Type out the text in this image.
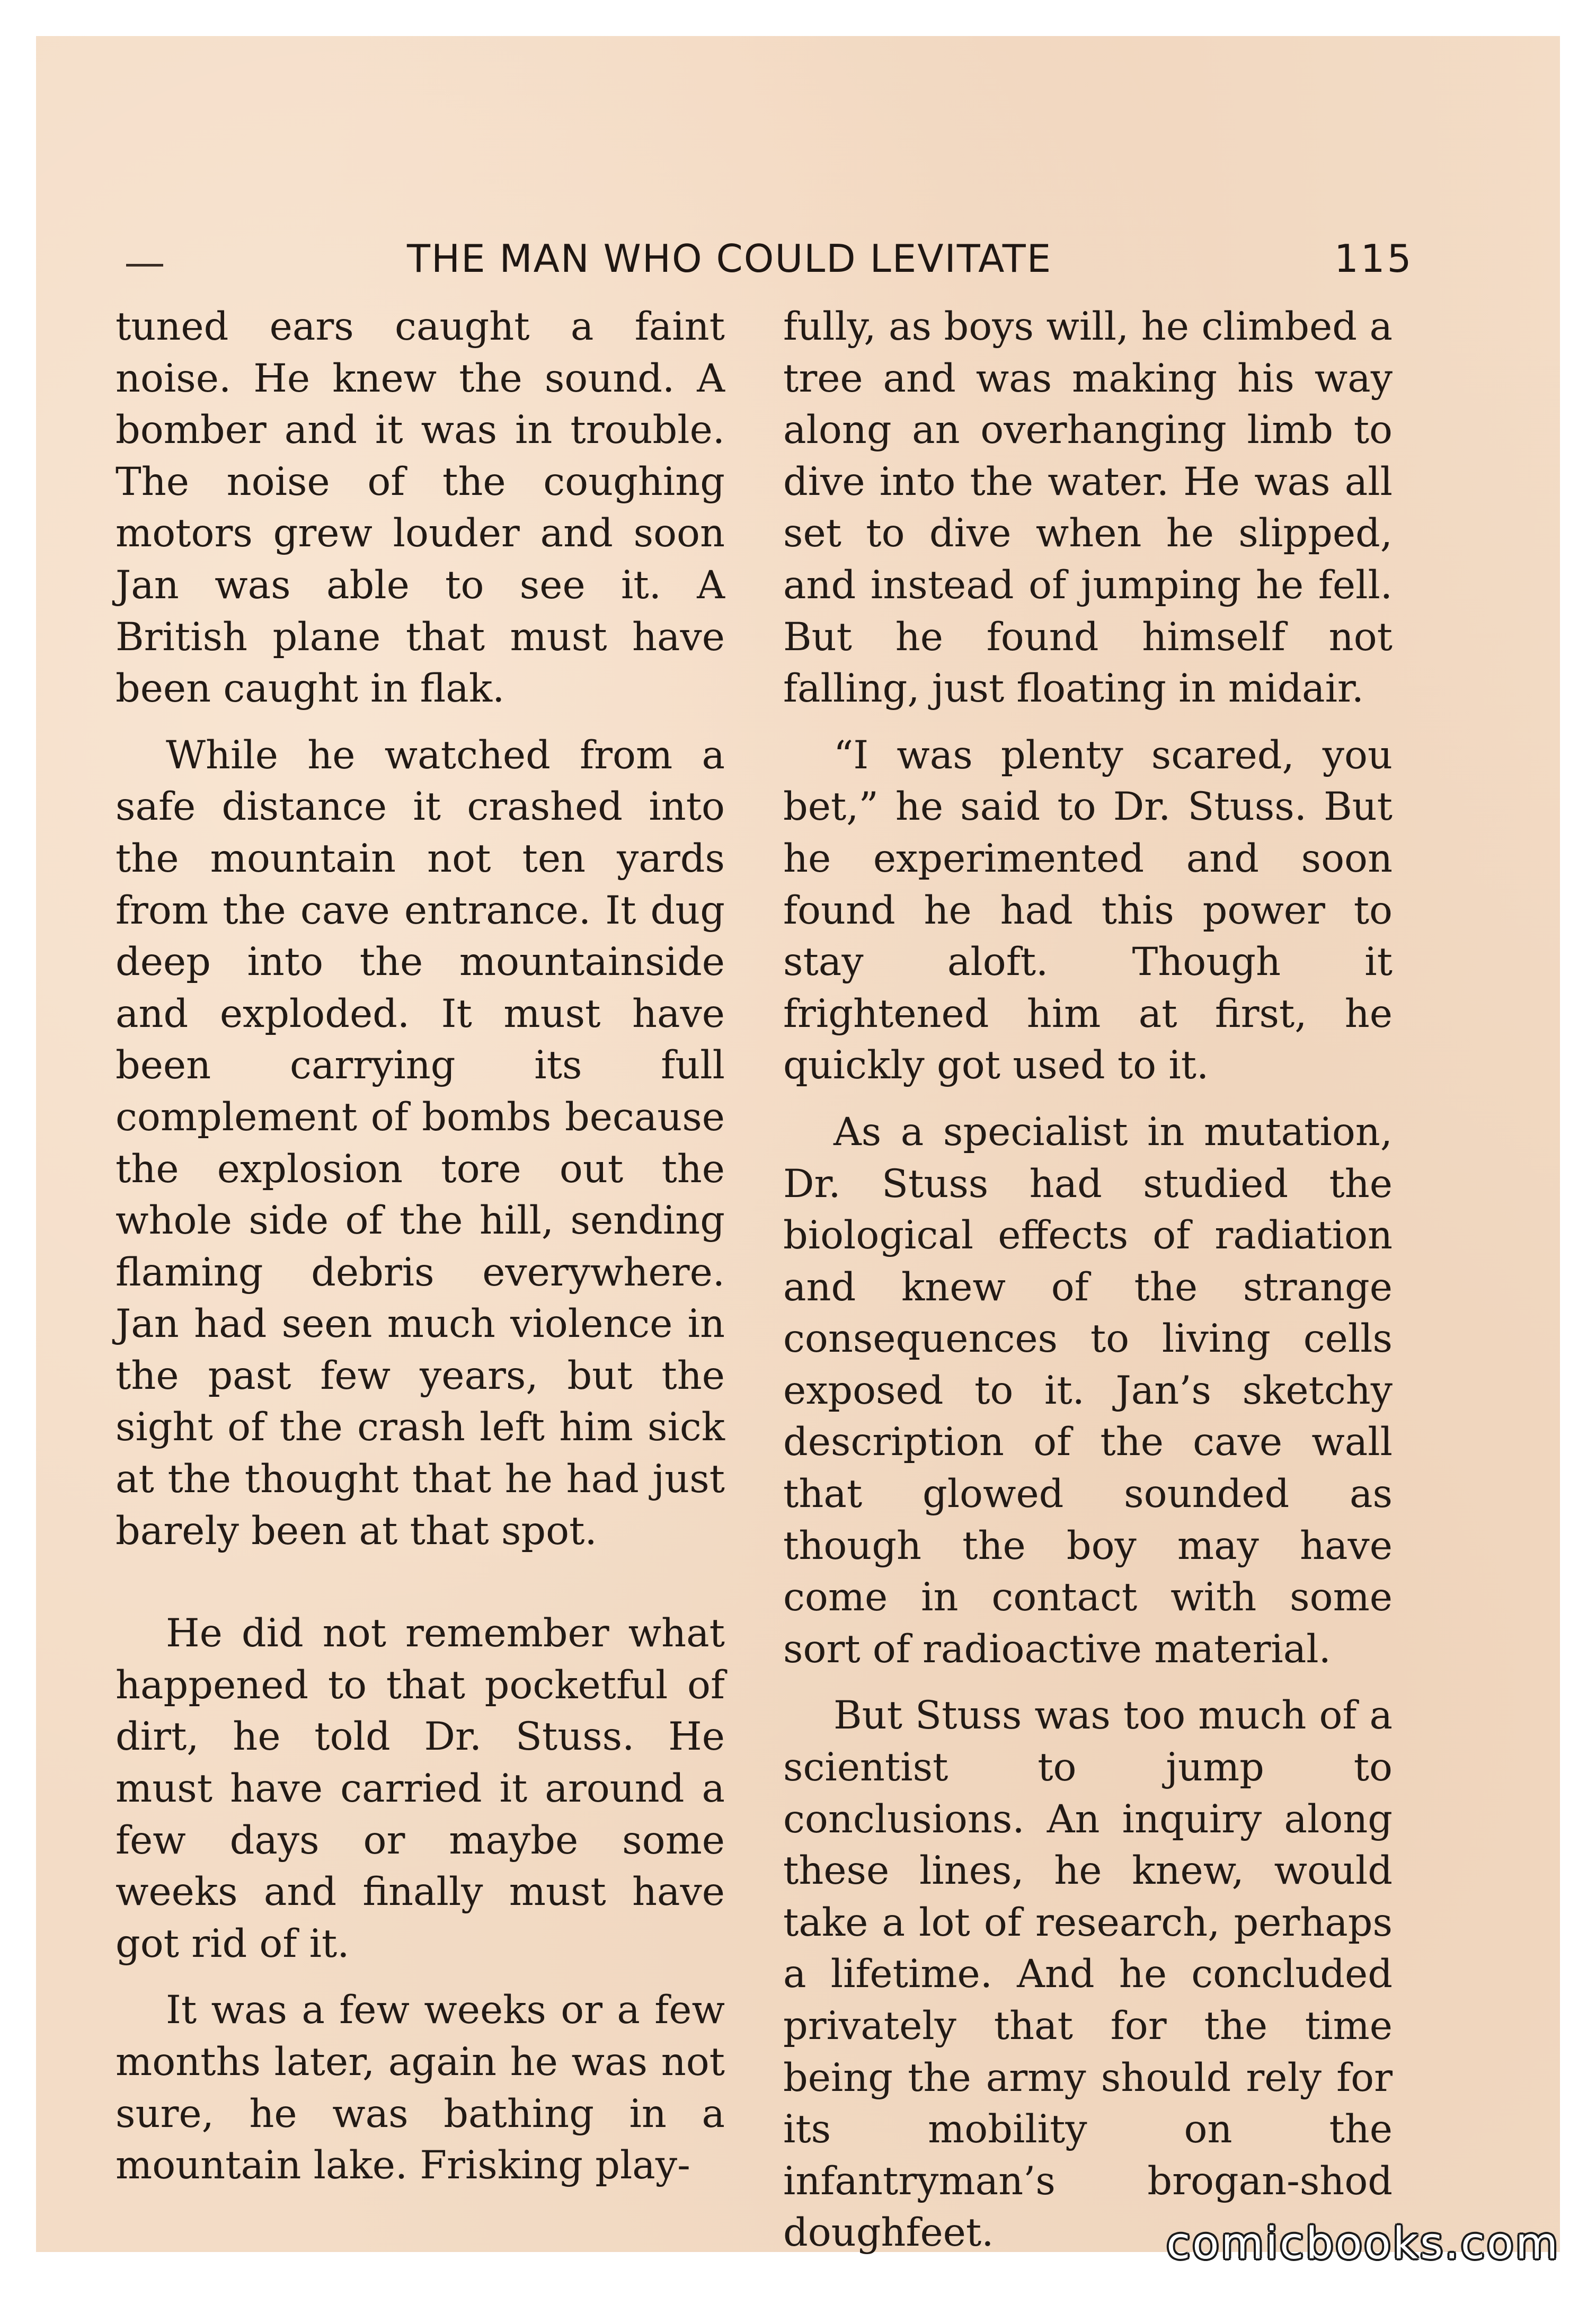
THE MAN WHO COULD LEVITATE	115

tuned ears caught a faint noise. He knew the sound. A bomber and it was in trouble. The noise of the coughing motors grew louder and soon Jan was able to see it. A British plane that must have been caught in flak.

While he watched from a safe distance it crashed into the mountain not ten yards from the cave entrance. It dug deep into the mountainside and exploded. It must have been carrying its full complement of bombs because the explosion tore out the whole side of the hill, sending flaming debris everywhere. Jan had seen much violence in the past few years, but the sight of the crash left him sick at the thought that he had just barely been at that spot.

He did not remember what happened to that pocketful of dirt, he told Dr. Stuss. He must have carried it around a few days or maybe some weeks and finally must have got rid of it.

It was a few weeks or a few months later, again he was not sure, he was bathing in a mountain lake. Frisking play-

fully, as boys will, he climbed a tree and was making his way along an overhanging limb to dive into the water. He was all set to dive when he slipped, and instead of jumping he fell. But he found himself not falling, just floating in midair.

“I was plenty scared, you bet,” he said to Dr. Stuss. But he experimented and soon found he had this power to stay aloft. Though it frightened him at first, he quickly got used to it.

As a specialist in mutation, Dr. Stuss had studied the biological effects of radiation and knew of the strange consequences to living cells exposed to it. Jan’s sketchy description of the cave wall that glowed sounded as though the boy may have come in contact with some sort of radioactive material.

But Stuss was too much of a scientist to jump to conclusions. An inquiry along these lines, he knew, would take a lot of research, perhaps a lifetime. And he concluded privately that for the time being the army should rely for its mobility on the infantryman’s brogan-shod doughfeet.	comicbooks.com
